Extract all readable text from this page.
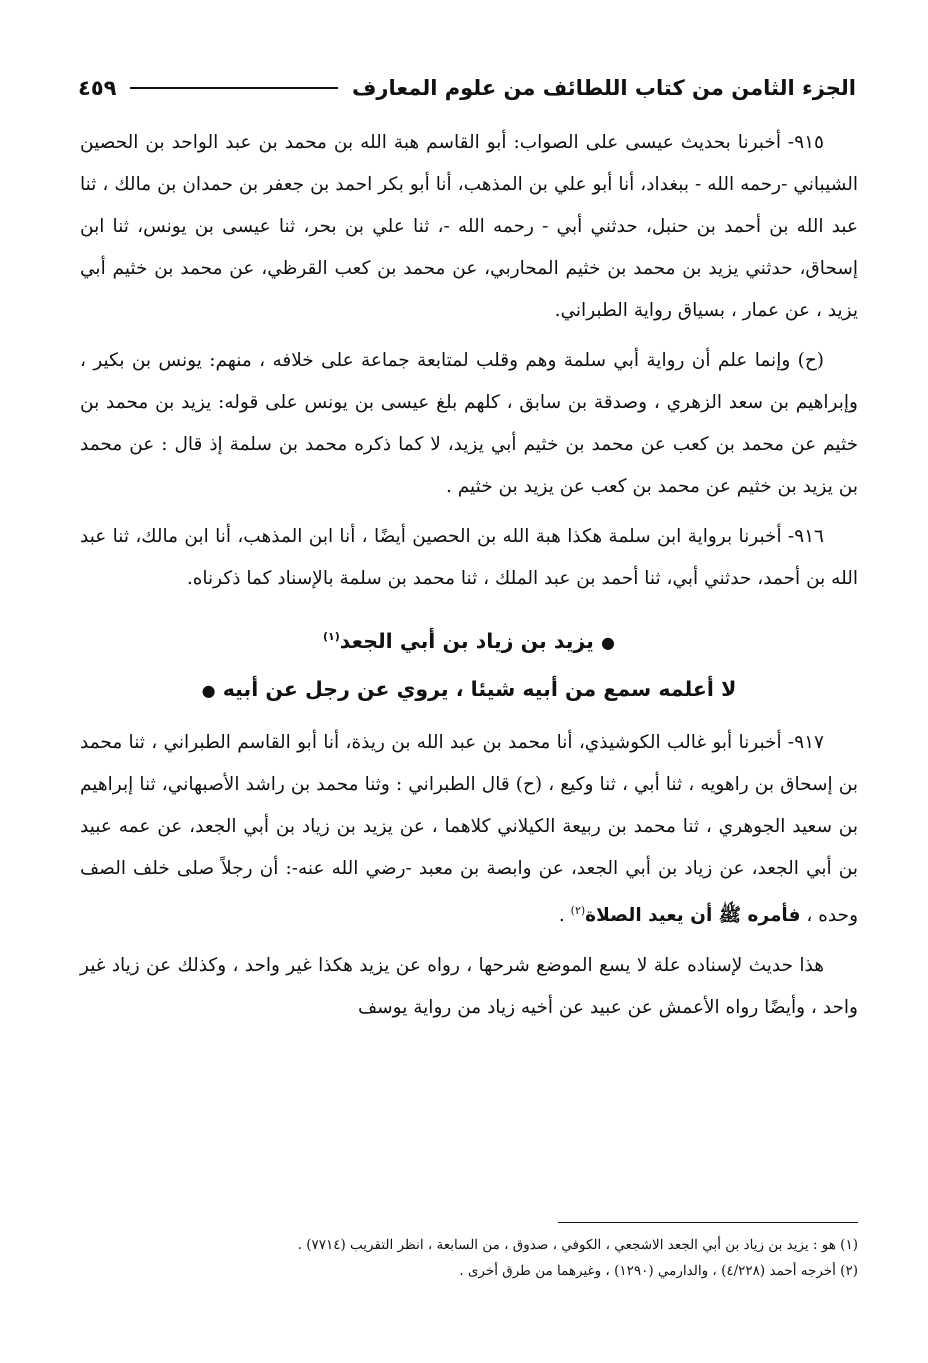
الجزء الثامن من كتاب اللطائف من علوم المعارف
٤٥٩

٩١٥- أخبرنا بحديث عيسى على الصواب: أبو القاسم هبة الله بن محمد بن عبد الواحد بن الحصين الشيباني -رحمه الله - ببغداد، أنا أبو علي بن المذهب، أنا أبو بكر احمد بن جعفر بن حمدان بن مالك ، ثنا عبد الله بن أحمد بن حنبل، حدثني أبي - رحمه الله -، ثنا علي بن بحر، ثنا عيسى بن يونس، ثنا ابن إسحاق، حدثني يزيد بن محمد بن خثيم المحاربي، عن محمد بن كعب القرظي، عن محمد بن خثيم أبي يزيد ، عن عمار ، بسياق رواية الطبراني.

(ح) وإنما علم أن رواية أبي سلمة وهم وقلب لمتابعة جماعة على خلافه ، منهم: يونس بن بكير ، وإبراهيم بن سعد الزهري ، وصدقة بن سابق ، كلهم بلغ عيسى بن يونس على قوله: يزيد بن محمد بن خثيم عن محمد بن كعب عن محمد بن خثيم أبي يزيد، لا كما ذكره محمد بن سلمة إذ قال : عن محمد بن يزيد بن خثيم عن محمد بن كعب عن يزيد بن خثيم .

٩١٦- أخبرنا برواية ابن سلمة هكذا هبة الله بن الحصين أيضًا ، أنا ابن المذهب، أنا ابن مالك، ثنا عبد الله بن أحمد، حدثني أبي، ثنا أحمد بن عبد الملك ، ثنا محمد بن سلمة بالإسناد كما ذكرناه.

● يزيد بن زياد بن أبي الجعد$^{(١)}$
لا أعلمه سمع من أبيه شيئا ، يروي عن رجل عن أبيه ●

٩١٧- أخبرنا أبو غالب الكوشيذي، أنا محمد بن عبد الله بن ريذة، أنا أبو القاسم الطبراني ، ثنا محمد بن إسحاق بن راهويه ، ثنا أبي ، ثنا وكيع ، (ح) قال الطبراني : وثنا محمد بن راشد الأصبهاني، ثنا إبراهيم بن سعيد الجوهري ، ثنا محمد بن ربيعة الكيلاني كلاهما ، عن يزيد بن زياد بن أبي الجعد، عن عمه عبيد بن أبي الجعد، عن زياد بن أبي الجعد، عن وابصة بن معبد -رضي الله عنه-: أن رجلاً صلى خلف الصف وحده ، فأمره ﷺ أن يعيد الصلاة$^{(٢)}$ .

هذا حديث لإسناده علة لا يسع الموضع شرحها ، رواه عن يزيد هكذا غير واحد ، وكذلك عن زياد غير واحد ، وأيضًا رواه الأعمش عن عبيد عن أخيه زياد من رواية يوسف

(١) هو : يزيد بن زياد بن أبي الجعد الاشجعي ، الكوفي ، صدوق ، من السابعة ، انظر التقريب (٧٧١٤) .
(٢) أخرجه أحمد (٤/٢٢٨) ، والدارمي (١٢٩٠) ، وغيرهما من طرق أخرى .
